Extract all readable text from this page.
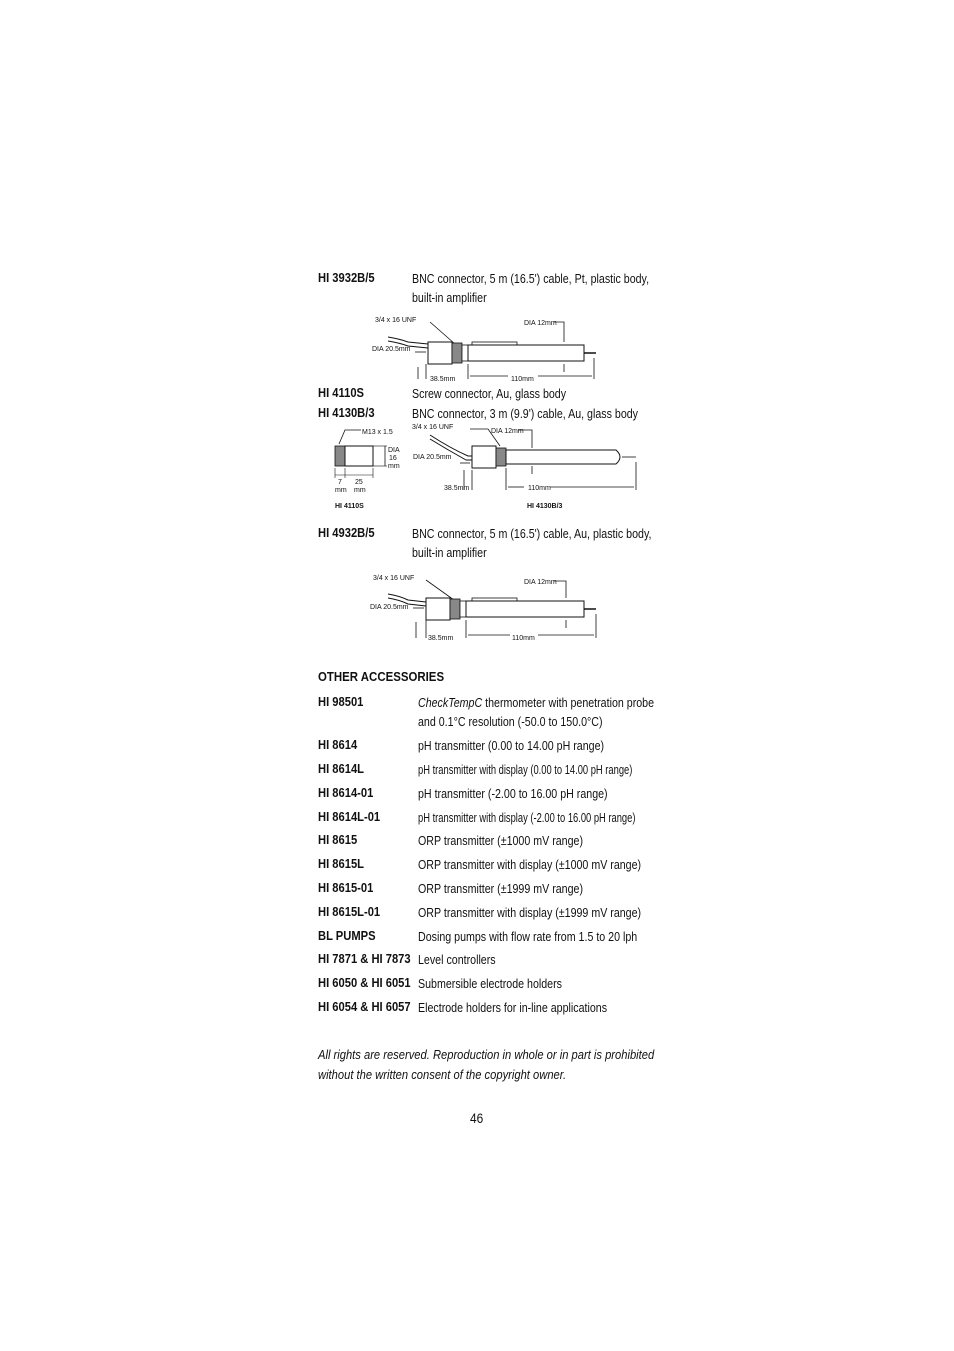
HI 3932B/5	BNC connector, 5 m (16.5') cable, Pt, plastic body,
built-in amplifier
3/4 x 16 UNF
DIA 20.5mm
DIA 12mm
38.5mm	110mm
HI 4110S	Screw connector, Au, glass body
HI 4130B/3	BNC connector, 3 m (9.9') cable, Au, glass body
M13 x 1.5
DIA
16
mm
7
mm
25
mm
HI 4110S
3/4 x 16 UNF
DIA 20.5mm
DIA 12mm
38.5mm	110mm
HI 4130B/3
HI 4932B/5	BNC connector, 5 m (16.5') cable, Au, plastic body,
built-in amplifier
3/4 x 16 UNF
DIA 20.5mm
DIA 12mm
38.5mm	110mm
OTHER ACCESSORIES
HI 98501	CheckTempC thermometer with penetration probe
and 0.1°C resolution (-50.0 to 150.0°C)
HI 8614	pH transmitter (0.00 to 14.00 pH range)
HI 8614L	pH transmitter with display (0.00 to 14.00 pH range)
HI 8614-01	pH transmitter (-2.00 to 16.00 pH range)
HI 8614L-01	pH transmitter with display (-2.00 to 16.00 pH range)
HI 8615	ORP transmitter (±1000 mV range)
HI 8615L	ORP transmitter with display (±1000 mV range)
HI 8615-01	ORP transmitter (±1999 mV range)
HI 8615L-01	ORP transmitter with display (±1999 mV range)
BL PUMPS	Dosing pumps with flow rate from 1.5 to 20 lph
HI 7871 & HI 7873 Level controllers
HI 6050 & HI 6051 Submersible electrode holders
HI 6054 & HI 6057 Electrode holders for in-line applications
All rights are reserved. Reproduction in whole or in part is prohibited
without the written consent of the copyright owner.
46
